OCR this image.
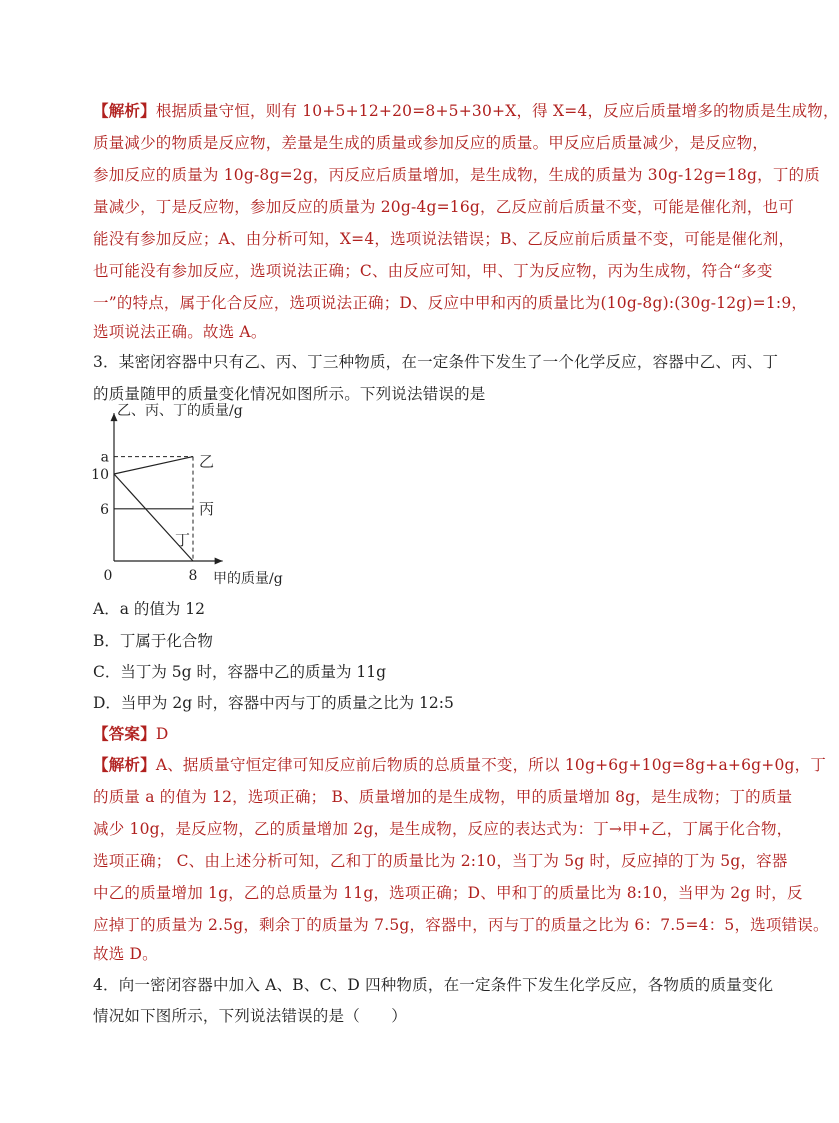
【解析】根据质量守恒，则有 10+5+12+20=8+5+30+X，得 X=4，反应后质量增多的物质是生成物，
质量减少的物质是反应物，差量是生成的质量或参加反应的质量。甲反应后质量减少，是反应物，
参加反应的质量为 10g-8g=2g，丙反应后质量增加，是生成物，生成的质量为 30g-12g=18g，丁的质
量减少，丁是反应物，参加反应的质量为 20g-4g=16g，乙反应前后质量不变，可能是催化剂，也可
能没有参加反应；A、由分析可知，X=4，选项说法错误；B、乙反应前后质量不变，可能是催化剂，
也可能没有参加反应，选项说法正确；C、由反应可知，甲、丁为反应物，丙为生成物，符合“多变
一”的特点，属于化合反应，选项说法正确；D、反应中甲和丙的质量比为(10g-8g):(30g-12g)=1:9，
选项说法正确。故选 A。
3．某密闭容器中只有乙、丙、丁三种物质，在一定条件下发生了一个化学反应，容器中乙、丙、丁
的质量随甲的质量变化情况如图所示。下列说法错误的是
乙、丙、丁的质量/g
甲的质量/g
乙
丙
丁
6
10
a
0	8
A．a 的值为 12
B．丁属于化合物
C．当丁为 5g 时，容器中乙的质量为 11g
D．当甲为 2g 时，容器中丙与丁的质量之比为 12:5
【答案】D
【解析】A、据质量守恒定律可知反应前后物质的总质量不变，所以 10g+6g+10g=8g+a+6g+0g，丁
的质量 a 的值为 12，选项正确； B、质量增加的是生成物，甲的质量增加 8g，是生成物；丁的质量
减少 10g，是反应物，乙的质量增加 2g，是生成物，反应的表达式为：丁→甲+乙，丁属于化合物，
选项正确； C、由上述分析可知，乙和丁的质量比为 2:10，当丁为 5g 时，反应掉的丁为 5g，容器
中乙的质量增加 1g，乙的总质量为 11g，选项正确；D、甲和丁的质量比为 8:10，当甲为 2g 时，反
应掉丁的质量为 2.5g，剩余丁的质量为 7.5g，容器中，丙与丁的质量之比为 6：7.5=4：5，选项错误。
故选 D。
4．向一密闭容器中加入 A、B、C、D 四种物质，在一定条件下发生化学反应，各物质的质量变化
情况如下图所示，下列说法错误的是（　　）
